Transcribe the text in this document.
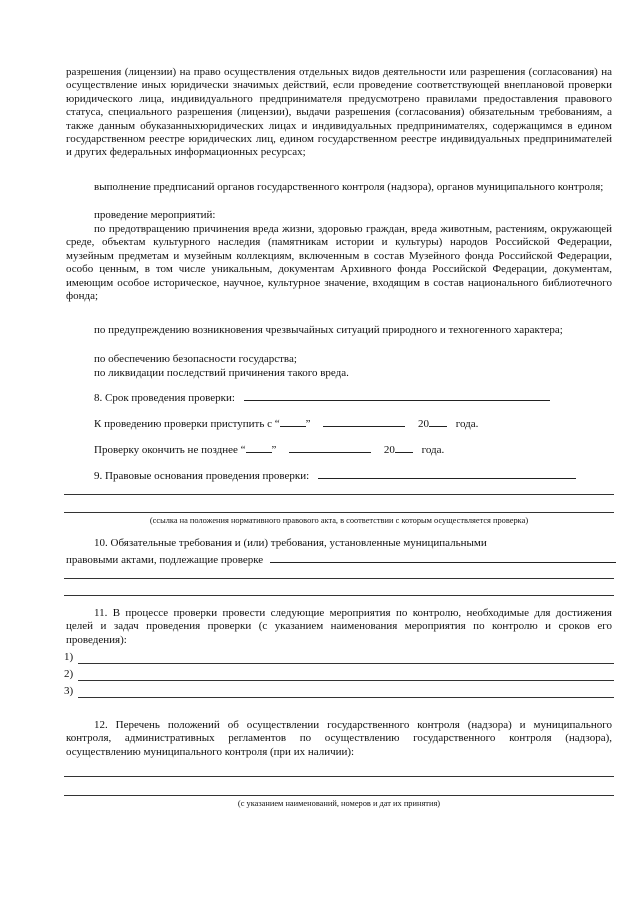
разрешения (лицензии) на право осуществления отдельных видов деятельности или разрешения (согласования) на осуществление иных юридически значимых действий, если проведение соответствующей внеплановой проверки юридического лица, индивидуального предпринимателя предусмотрено правилами предоставления правового статуса, специального разрешения (лицензии), выдачи разрешения (согласования) обязательным требованиям, а также данным обуказанныхюридических лицах и индивидуальных предпринимателях, содержащимся в едином государственном реестре юридических лиц, едином государственном реестре индивидуальных предпринимателей и других федеральных информационных ресурсах;

выполнение предписаний органов государственного контроля (надзора), органов муниципального контроля;

проведение мероприятий:

по предотвращению причинения вреда жизни, здоровью граждан, вреда животным, растениям, окружающей среде, объектам культурного наследия (памятникам истории и культуры) народов Российской Федерации, музейным предметам и музейным коллекциям, включенным в состав Музейного фонда Российской Федерации, особо ценным, в том числе уникальным, документам Архивного фонда Российской Федерации, документам, имеющим особое историческое, научное, культурное значение, входящим в состав национального библиотечного фонда;

по предупреждению возникновения чрезвычайных ситуаций природного и техногенного характера;

по обеспечению безопасности государства;

по ликвидации последствий причинения такого вреда.

8. Срок проведения проверки:
К проведению проверки приступить с “ ”	20 года.
Проверку окончить не позднее “ ”	20 года.
9. Правовые основания проведения проверки:
(ссылка на положения нормативного правового акта, в соответствии с которым осуществляется проверка)
10. Обязательные требования и (или) требования, установленные муниципальными
правовыми актами, подлежащие проверке

11. В процессе проверки провести следующие мероприятия по контролю, необходимые для достижения целей и задач проведения проверки (с указанием наименования мероприятия по контролю и сроков его проведения):

1)
2)
3)

12. Перечень положений об осуществлении государственного контроля (надзора) и муниципального контроля, административных регламентов по осуществлению государственного контроля (надзора), осуществлению муниципального контроля (при их наличии):

(с указанием наименований, номеров и дат их принятия)
